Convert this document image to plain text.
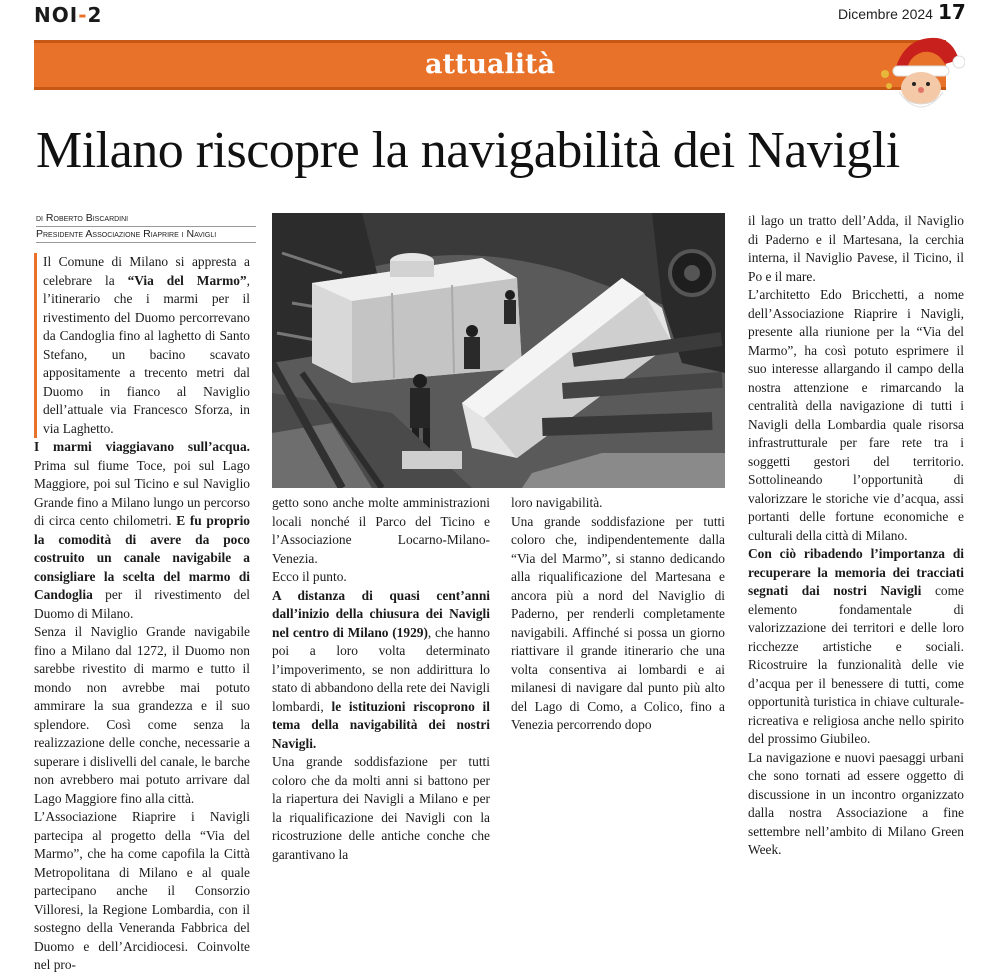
NOI-2	Dicembre 2024 17
attualità
Milano riscopre la navigabilità dei Navigli
di Roberto Biscardini
Presidente Associazione Riaprire i Navigli

Il Comune di Milano si appresta a celebrare la “Via del Marmo”, l’itinerario che i marmi per il rivestimento del Duomo percorrevano da Candoglia fino al laghetto di Santo Stefano, un bacino scavato appositamente a trecento metri dal Duomo in fianco al Naviglio dell’attuale via Francesco Sforza, in via Laghetto.

I marmi viaggiavano sull’acqua. Prima sul fiume Toce, poi sul Lago Maggiore, poi sul Ticino e sul Naviglio Grande fino a Milano lungo un percorso di circa cento chilometri. E fu proprio la comodità di avere da poco costruito un canale navigabile a consigliare la scelta del marmo di Candoglia per il rivestimento del Duomo di Milano.

Senza il Naviglio Grande navigabile fino a Milano dal 1272, il Duomo non sarebbe rivestito di marmo e tutto il mondo non avrebbe mai potuto ammirare la sua grandezza e il suo splendore. Così come senza la realizzazione delle conche, necessarie a superare i dislivelli del canale, le barche non avrebbero mai potuto arrivare dal Lago Maggiore fino alla città.

L’Associazione Riaprire i Navigli partecipa al progetto della “Via del Marmo”, che ha come capofila la Città Metropolitana di Milano e al quale partecipano anche il Consorzio Villoresi, la Regione Lombardia, con il sostegno della Veneranda Fabbrica del Duomo e dell’Arcidiocesi. Coinvolte nel pro-

getto sono anche molte amministrazioni locali nonché il Parco del Ticino e l’Associazione Locarno-Milano-Venezia.

Ecco il punto.

A distanza di quasi cent’anni dall’inizio della chiusura dei Navigli nel centro di Milano (1929), che hanno poi a loro volta determinato l’impoverimento, se non addirittura lo stato di abbandono della rete dei Navigli lombardi, le istituzioni riscoprono il tema della navigabilità dei nostri Navigli.

Una grande soddisfazione per tutti coloro che da molti anni si battono per la riapertura dei Navigli a Milano e per la riqualificazione dei Navigli con la ricostruzione delle antiche conche che garantivano la

loro navigabilità.

Una grande soddisfazione per tutti coloro che, indipendentemente dalla “Via del Marmo”, si stanno dedicando alla riqualificazione del Martesana e ancora più a nord del Naviglio di Paderno, per renderli completamente navigabili. Affinché si possa un giorno riattivare il grande itinerario che una volta consentiva ai lombardi e ai milanesi di navigare dal punto più alto del Lago di Como, a Colico, fino a Venezia percorrendo dopo

il lago un tratto dell’Adda, il Naviglio di Paderno e il Martesana, la cerchia interna, il Naviglio Pavese, il Ticino, il Po e il mare.

L’architetto Edo Bricchetti, a nome dell’Associazione Riaprire i Navigli, presente alla riunione per la “Via del Marmo”, ha così potuto esprimere il suo interesse allargando il campo della nostra attenzione e rimarcando la centralità della navigazione di tutti i Navigli della Lombardia quale risorsa infrastrutturale per fare rete tra i soggetti gestori del territorio. Sottolineando l’opportunità di valorizzare le storiche vie d’acqua, assi portanti delle fortune economiche e culturali della città di Milano.

Con ciò ribadendo l’importanza di recuperare la memoria dei tracciati segnati dai nostri Navigli come elemento fondamentale di valorizzazione dei territori e delle loro ricchezze artistiche e sociali. Ricostruire la funzionalità delle vie d’acqua per il benessere di tutti, come opportunità turistica in chiave culturale-ricreativa e religiosa anche nello spirito del prossimo Giubileo.

La navigazione e nuovi paesaggi urbani che sono tornati ad essere oggetto di discussione in un incontro organizzato dalla nostra Associazione a fine settembre nell’ambito di Milano Green Week.
